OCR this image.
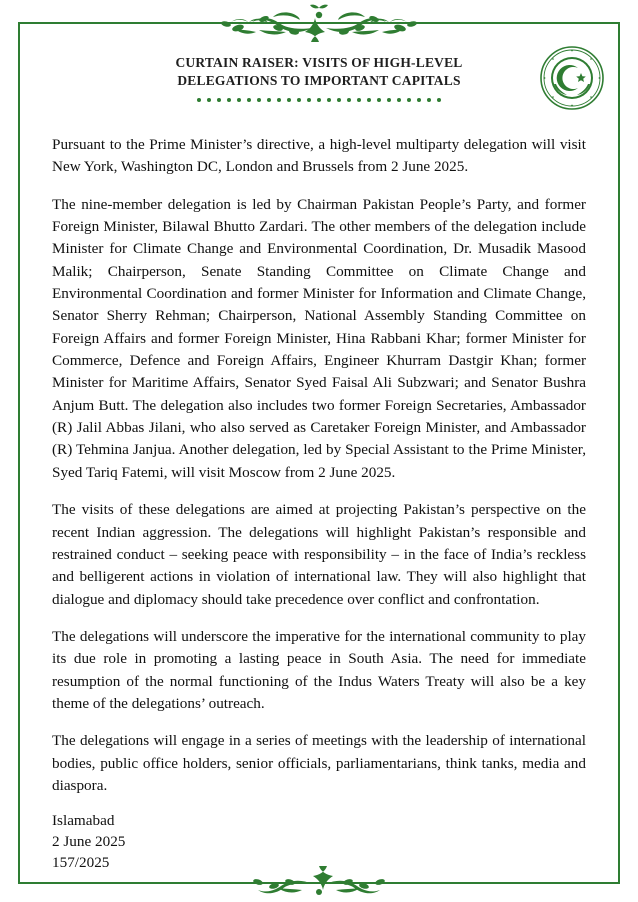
CURTAIN RAISER: VISITS OF HIGH-LEVEL
DELEGATIONS TO IMPORTANT CAPITALS

Pursuant to the Prime Minister’s directive, a high-level multiparty delegation will visit New York, Washington DC, London and Brussels from 2 June 2025.

The nine-member delegation is led by Chairman Pakistan People’s Party, and former Foreign Minister, Bilawal Bhutto Zardari. The other members of the delegation include Minister for Climate Change and Environmental Coordination, Dr. Musadik Masood Malik; Chairperson, Senate Standing Committee on Climate Change and Environmental Coordination and former Minister for Information and Climate Change, Senator Sherry Rehman; Chairperson, National Assembly Standing Committee on Foreign Affairs and former Foreign Minister, Hina Rabbani Khar; former Minister for Commerce, Defence and Foreign Affairs, Engineer Khurram Dastgir Khan; former Minister for Maritime Affairs, Senator Syed Faisal Ali Subzwari; and Senator Bushra Anjum Butt. The delegation also includes two former Foreign Secretaries, Ambassador (R) Jalil Abbas Jilani, who also served as Caretaker Foreign Minister, and Ambassador (R) Tehmina Janjua. Another delegation, led by Special Assistant to the Prime Minister, Syed Tariq Fatemi, will visit Moscow from 2 June 2025.

The visits of these delegations are aimed at projecting Pakistan’s perspective on the recent Indian aggression. The delegations will highlight Pakistan’s responsible and restrained conduct – seeking peace with responsibility – in the face of India’s reckless and belligerent actions in violation of international law. They will also highlight that dialogue and diplomacy should take precedence over conflict and confrontation.

The delegations will underscore the imperative for the international community to play its due role in promoting a lasting peace in South Asia. The need for immediate resumption of the normal functioning of the Indus Waters Treaty will also be a key theme of the delegations’ outreach.

The delegations will engage in a series of meetings with the leadership of international bodies, public office holders, senior officials, parliamentarians, think tanks, media and diaspora.

Islamabad
2 June 2025
157/2025
